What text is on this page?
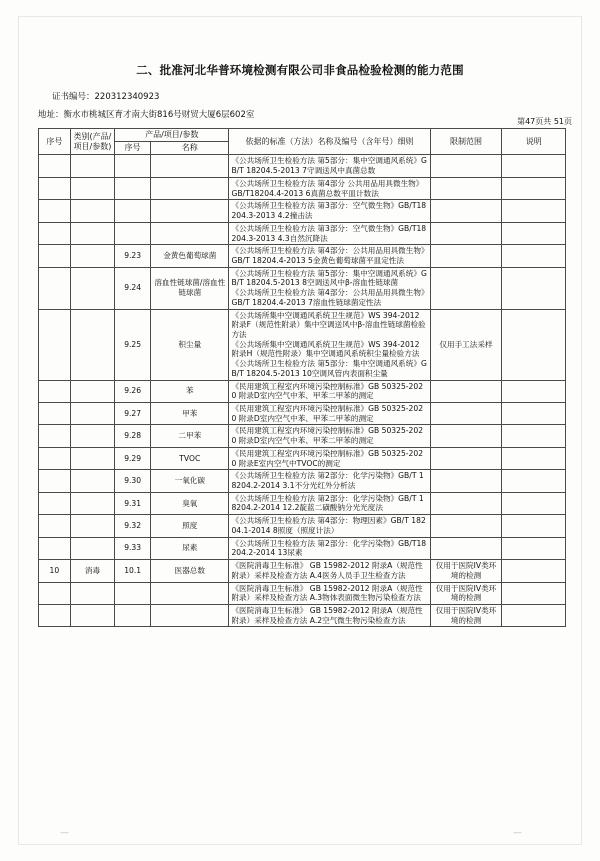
二、批准河北华普环境检测有限公司非食品检验检测的能力范围
证书编号：220312340923
地址：衡水市桃城区育才南大街816号财贸大厦6层602室
第47页共 51页
序号	类别(产品/项目/参数)	产品/项目/参数		依据的标准（方法）名称及编号（含年号）细则	限制范围	说明
		序号	名称			

				《公共场所卫生检验方法 第5部分：集中空调通风系统》GB/T 18204.5-2013 7守调送风中真菌总数		

				《公共场所卫生检验方法 第4部分 公共用品用具微生物》GB/T18204.4-2013 6真菌总数平皿计数法		

				《公共场所卫生检验方法 第3部分：空气微生物》GB/T18204.3-2013 4.2撞击法		

				《公共场所卫生检验方法 第3部分：空气微生物》GB/T18204.3-2013 4.3自然沉降法		

		9.23	金黄色葡萄球菌	《公共场所卫生检验方法 第4部分：公共用品用具微生物》GB/T 18204.4-2013 5金黄色葡萄球菌平皿定性法		

		9.24	溶血性链球菌/溶血性链球菌	《公共场所卫生检验方法 第5部分：集中空调通风系统》GB/T 18204.5-2013 8空调送风中β-溶血性链球菌
《公共场所卫生检验方法 第4部分：公共用品用具微生物》GB/T 18204.4-2013 7溶血性链球菌定性法		

		9.25	积尘量	《公共场所集中空调通风系统卫生规范》WS 394-2012 附录F（规范性附录）集中空调送风中β-溶血性链球菌检验方法
《公共场所集中空调通风系统卫生规范》WS 394-2012 附录H（规范性附录）集中空调通风系统积尘量检验方法
《公共场所卫生检验方法 第5部分：集中空调通风系统》GB/T 18204.5-2013 10空调风管内表面积尘量	仅用手工法采样	
		9.26	苯	《民用建筑工程室内环境污染控制标准》GB 50325-2020 附录D室内空气中苯、甲苯二甲苯的测定		

		9.27	甲苯	《民用建筑工程室内环境污染控制标准》GB 50325-2020 附录D室内空气中苯、甲苯二甲苯的测定		

		9.28	二甲苯	《民用建筑工程室内环境污染控制标准》GB 50325-2020 附录D室内空气中苯、甲苯二甲苯的测定		

		9.29	TVOC	《民用建筑工程室内环境污染控制标准》GB 50325-2020 附录E室内空气中TVOC的测定		

		9.30	一氧化碳	《公共场所卫生检验方法 第2部分：化学污染物》GB/T 18204.2-2014 3.1不分光红外分析法		

		9.31	臭氧	《公共场所卫生检验方法 第2部分：化学污染物》GB/T 18204.2-2014 12.2靛蓝二磺酸钠分光光度法		

		9.32	照度	《公共场所卫生检验方法 第4部分：物理因素》GB/T 18204.1-2014 8照度（照度计法）		

		9.33	尿素	《公共场所卫生检验方法 第2部分：化学污染物》GB/T18204.2-2014 13尿素		

10	消毒	10.1	医器总数	《医院消毒卫生标准》 GB 15982-2012 附录A（规范性附录）采样及检查方法 A.4医务人员手卫生检查方法	仅用于医院IV类环境的检测	

				《医院消毒卫生标准》 GB 15982-2012 附录A（规范性附录）采样及检查方法 A.3物体表面微生物污染检查方法	仅用于医院IV类环境的检测	

				《医院消毒卫生标准》 GB 15982-2012 附录A（规范性附录）采样及检查方法 A.2空气微生物污染检查方法	仅用于医院IV类环境的检测	
—	—
